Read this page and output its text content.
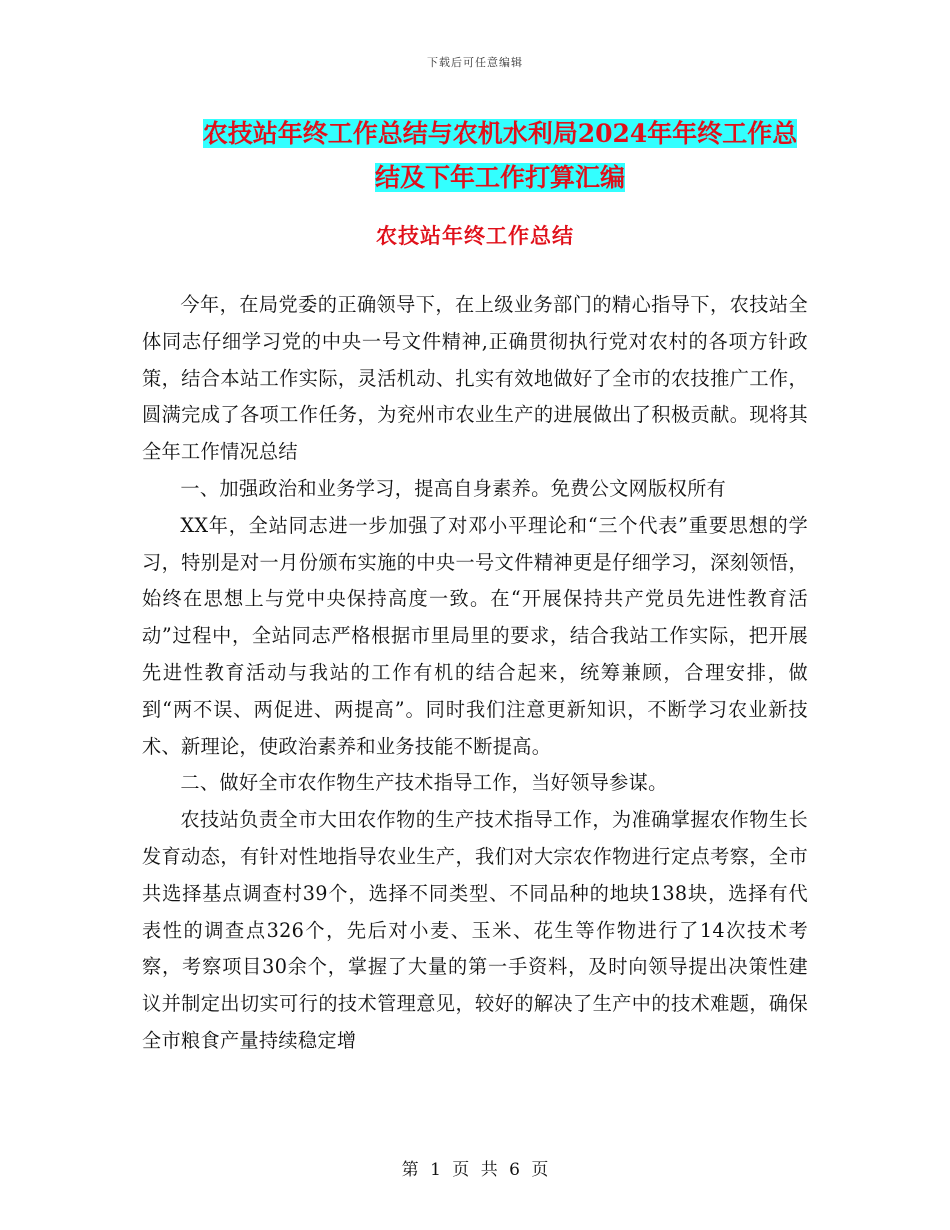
下载后可任意编辑
农技站年终工作总结与农机水利局2024年年终工作总
结及下年工作打算汇编
农技站年终工作总结

今年，在局党委的正确领导下，在上级业务部门的精心指导下，农技站全体同志仔细学习党的中央一号文件精神,正确贯彻执行党对农村的各项方针政策，结合本站工作实际，灵活机动、扎实有效地做好了全市的农技推广工作，圆满完成了各项工作任务，为兖州市农业生产的进展做出了积极贡献。现将其全年工作情况总结

一、加强政治和业务学习，提高自身素养。免费公文网版权所有

XX年，全站同志进一步加强了对邓小平理论和“三个代表”重要思想的学习，特别是对一月份颁布实施的中央一号文件精神更是仔细学习，深刻领悟，始终在思想上与党中央保持高度一致。在“开展保持共产党员先进性教育活动”过程中，全站同志严格根据市里局里的要求，结合我站工作实际，把开展先进性教育活动与我站的工作有机的结合起来，统筹兼顾，合理安排，做到“两不误、两促进、两提高”。同时我们注意更新知识，不断学习农业新技术、新理论，使政治素养和业务技能不断提高。

二、做好全市农作物生产技术指导工作，当好领导参谋。

农技站负责全市大田农作物的生产技术指导工作，为准确掌握农作物生长发育动态，有针对性地指导农业生产，我们对大宗农作物进行定点考察，全市共选择基点调查村39个，选择不同类型、不同品种的地块138块，选择有代表性的调查点326个，先后对小麦、玉米、花生等作物进行了14次技术考察，考察项目30余个，掌握了大量的第一手资料，及时向领导提出决策性建议并制定出切实可行的技术管理意见，较好的解决了生产中的技术难题，确保全市粮食产量持续稳定增

第 1 页 共 6 页
